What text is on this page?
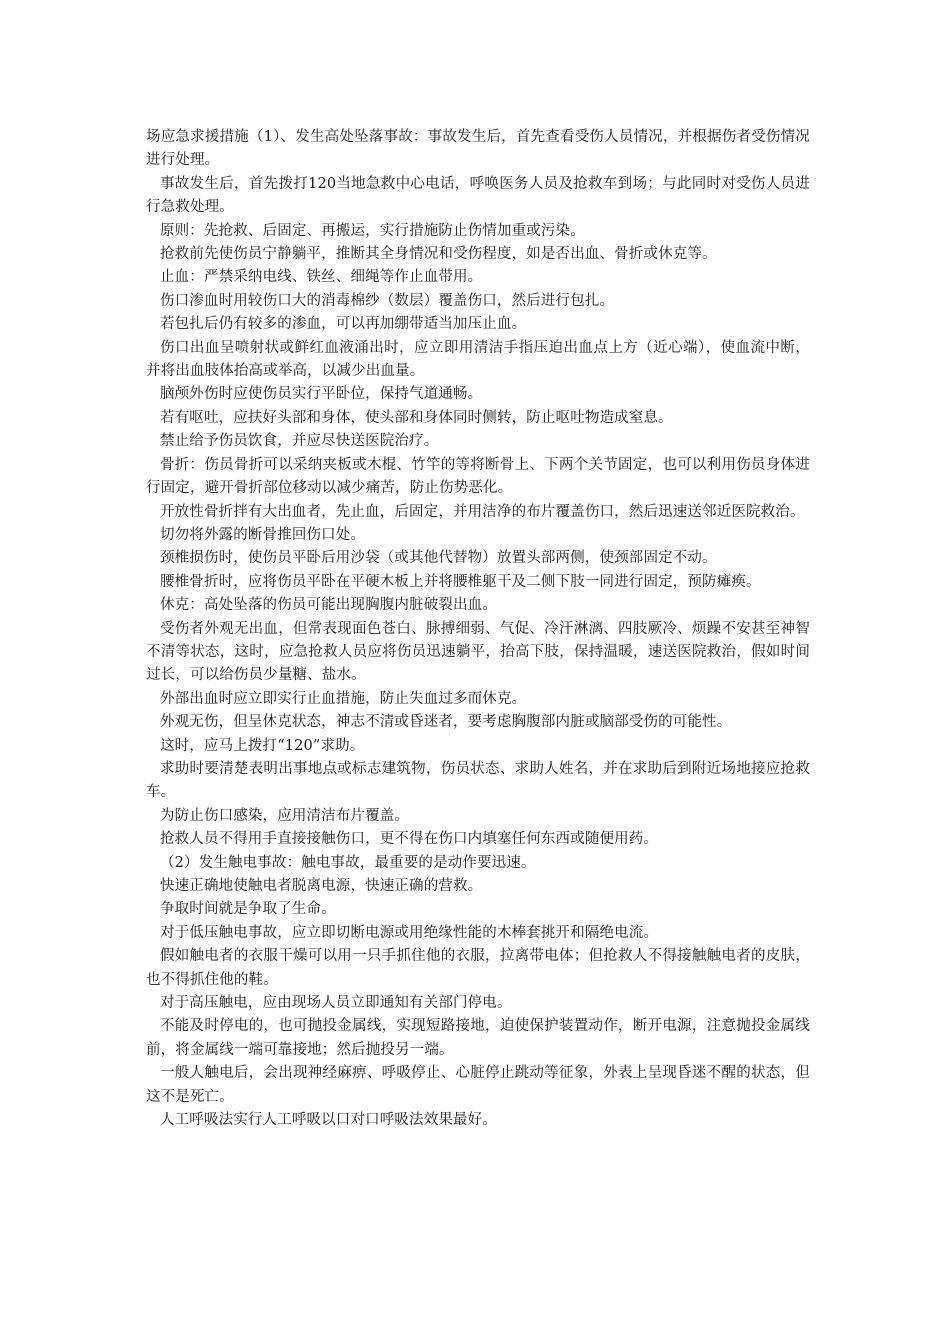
场应急求援措施（1）、发生高处坠落事故：事故发生后，首先查看受伤人员情况，并根据伤者受伤情况进行处理。

事故发生后，首先拨打120当地急救中心电话，呼唤医务人员及抢救车到场；与此同时对受伤人员进行急救处理。

原则：先抢救、后固定、再搬运，实行措施防止伤情加重或污染。

抢救前先使伤员宁静躺平，推断其全身情况和受伤程度，如是否出血、骨折或休克等。

止血：严禁采纳电线、铁丝、细绳等作止血带用。

伤口渗血时用较伤口大的消毒棉纱（数层）覆盖伤口，然后进行包扎。

若包扎后仍有较多的渗血，可以再加绷带适当加压止血。

伤口出血呈喷射状或鲜红血液涌出时，应立即用清洁手指压迫出血点上方（近心端），使血流中断，并将出血肢体抬高或举高，以减少出血量。

脑颅外伤时应使伤员实行平卧位，保持气道通畅。

若有呕吐，应扶好头部和身体，使头部和身体同时侧转，防止呕吐物造成窒息。

禁止给予伤员饮食，并应尽快送医院治疗。

骨折：伤员骨折可以采纳夹板或木棍、竹竿的等将断骨上、下两个关节固定，也可以利用伤员身体进行固定，避开骨折部位移动以减少痛苦，防止伤势恶化。

开放性骨折拌有大出血者，先止血，后固定，并用洁净的布片覆盖伤口，然后迅速送邻近医院救治。

切勿将外露的断骨推回伤口处。

颈椎损伤时，使伤员平卧后用沙袋（或其他代替物）放置头部两侧，使颈部固定不动。

腰椎骨折时，应将伤员平卧在平硬木板上并将腰椎躯干及二侧下肢一同进行固定，预防瘫痪。

休克：高处坠落的伤员可能出现胸腹内脏破裂出血。

受伤者外观无出血，但常表现面色苍白、脉搏细弱、气促、冷汗淋漓、四肢厥冷、烦躁不安甚至神智不清等状态，这时，应急抢救人员应将伤员迅速躺平，抬高下肢，保持温暖，速送医院救治，假如时间过长，可以给伤员少量糖、盐水。

外部出血时应立即实行止血措施，防止失血过多而休克。

外观无伤，但呈休克状态，神志不清或昏迷者，要考虑胸腹部内脏或脑部受伤的可能性。

这时，应马上拨打“120”求助。

求助时要清楚表明出事地点或标志建筑物，伤员状态、求助人姓名，并在求助后到附近场地接应抢救车。

为防止伤口感染，应用清洁布片覆盖。

抢救人员不得用手直接接触伤口，更不得在伤口内填塞任何东西或随便用药。

（2）发生触电事故：触电事故，最重要的是动作要迅速。

快速正确地使触电者脱离电源，快速正确的营救。

争取时间就是争取了生命。

对于低压触电事故，应立即切断电源或用绝缘性能的木棒套挑开和隔绝电流。

假如触电者的衣服干燥可以用一只手抓住他的衣服，拉离带电体；但抢救人不得接触触电者的皮肤，也不得抓住他的鞋。

对于高压触电，应由现场人员立即通知有关部门停电。

不能及时停电的，也可抛投金属线，实现短路接地，迫使保护装置动作，断开电源，注意抛投金属线前，将金属线一端可靠接地；然后抛投另一端。

一般人触电后，会出现神经麻痹、呼吸停止、心脏停止跳动等征象，外表上呈现昏迷不醒的状态，但这不是死亡。

人工呼吸法实行人工呼吸以口对口呼吸法效果最好。
